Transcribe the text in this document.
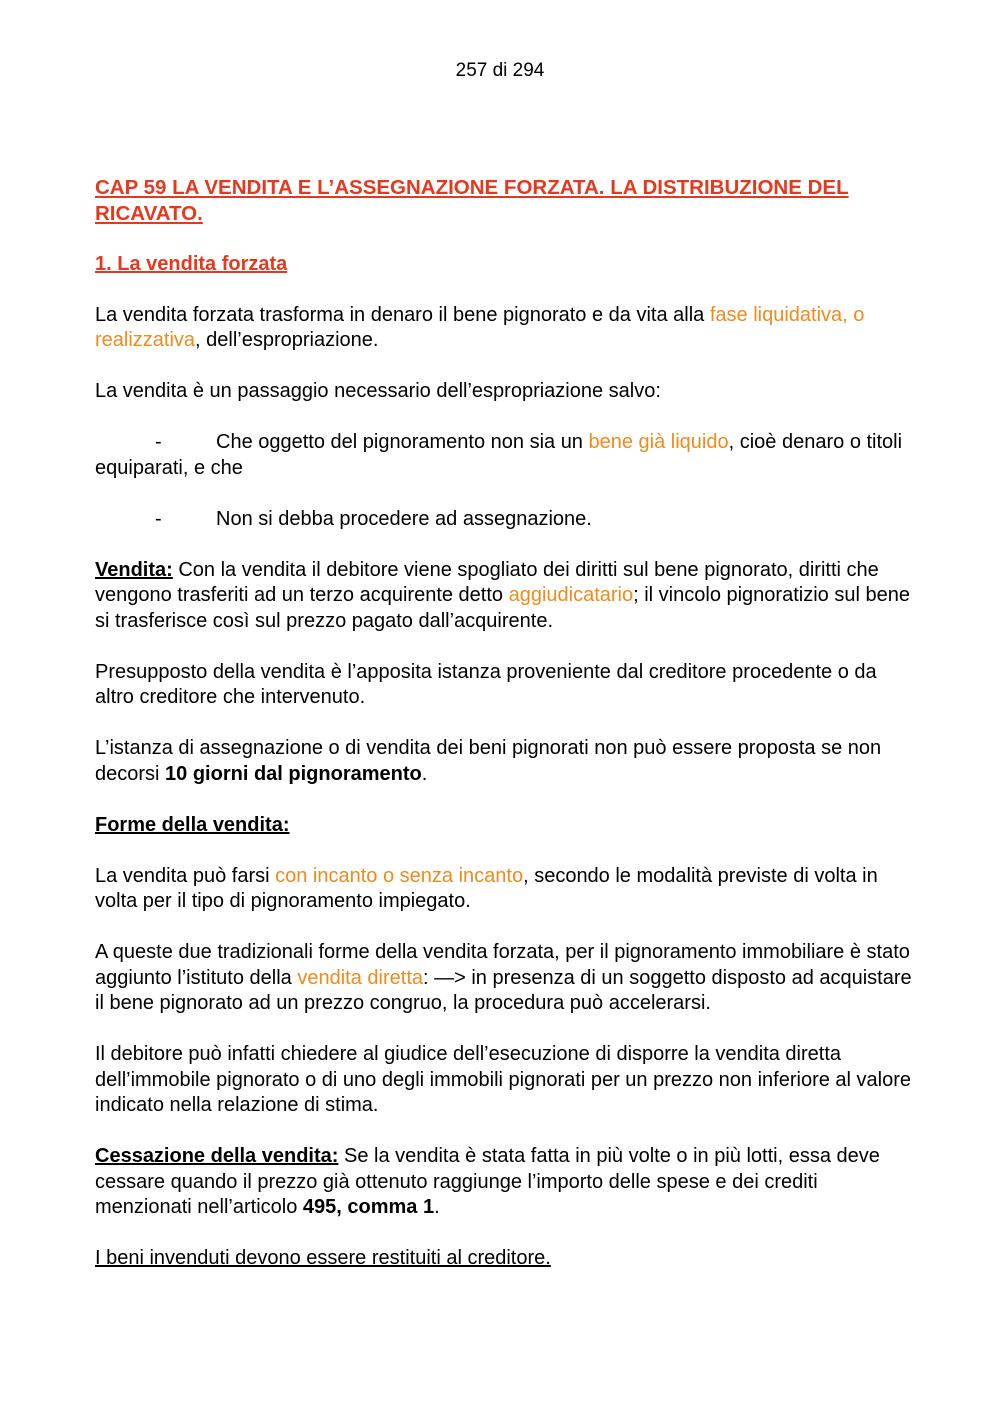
257 di 294

CAP 59 LA VENDITA E L’ASSEGNAZIONE FORZATA. LA DISTRIBUZIONE DEL RICAVATO.

1. La vendita forzata

La vendita forzata trasforma in denaro il bene pignorato e da vita alla fase liquidativa, o realizzativa, dell’espropriazione.

La vendita è un passaggio necessario dell’espropriazione salvo:

-	Che oggetto del pignoramento non sia un bene già liquido, cioè denaro o titoli equiparati, e che

-	Non si debba procedere ad assegnazione.

Vendita: Con la vendita il debitore viene spogliato dei diritti sul bene pignorato, diritti che vengono trasferiti ad un terzo acquirente detto aggiudicatario; il vincolo pignoratizio sul bene si trasferisce così sul prezzo pagato dall’acquirente.

Presupposto della vendita è l’apposita istanza proveniente dal creditore procedente o da altro creditore che intervenuto.

L’istanza di assegnazione o di vendita dei beni pignorati non può essere proposta se non decorsi 10 giorni dal pignoramento.

Forme della vendita:

La vendita può farsi con incanto o senza incanto, secondo le modalità previste di volta in volta per il tipo di pignoramento impiegato.

A queste due tradizionali forme della vendita forzata, per il pignoramento immobiliare è stato aggiunto l’istituto della vendita diretta: —> in presenza di un soggetto disposto ad acquistare il bene pignorato ad un prezzo congruo, la procedura può accelerarsi.

Il debitore può infatti chiedere al giudice dell’esecuzione di disporre la vendita diretta dell’immobile pignorato o di uno degli immobili pignorati per un prezzo non inferiore al valore indicato nella relazione di stima.

Cessazione della vendita: Se la vendita è stata fatta in più volte o in più lotti, essa deve cessare quando il prezzo già ottenuto raggiunge l’importo delle spese e dei crediti menzionati nell’articolo 495, comma 1.

I beni invenduti devono essere restituiti al creditore.
